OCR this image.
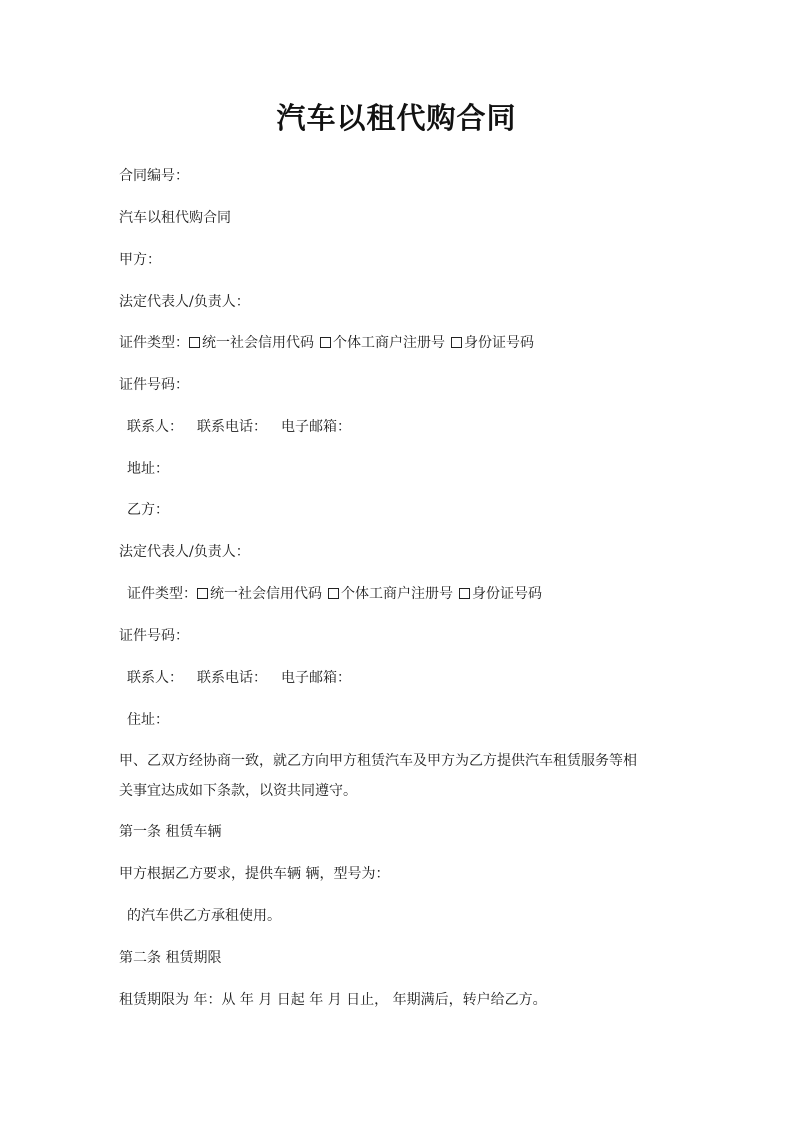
汽车以租代购合同
合同编号：
汽车以租代购合同
甲方：
法定代表人/负责人：
证件类型： 统一社会信用代码 个体工商户注册号 身份证号码
证件号码：
联系人： 联系电话： 电子邮箱：
地址：
乙方：
法定代表人/负责人：
证件类型： 统一社会信用代码 个体工商户注册号 身份证号码
证件号码：
联系人： 联系电话： 电子邮箱：
住址：
甲、乙双方经协商一致，就乙方向甲方租赁汽车及甲方为乙方提供汽车租赁服务等相
关事宜达成如下条款，以资共同遵守。
第一条 租赁车辆
甲方根据乙方要求，提供车辆 辆，型号为：
的汽车供乙方承租使用。
第二条 租赁期限
租赁期限为 年：从 年 月 日起 年 月 日止， 年期满后，转户给乙方。
